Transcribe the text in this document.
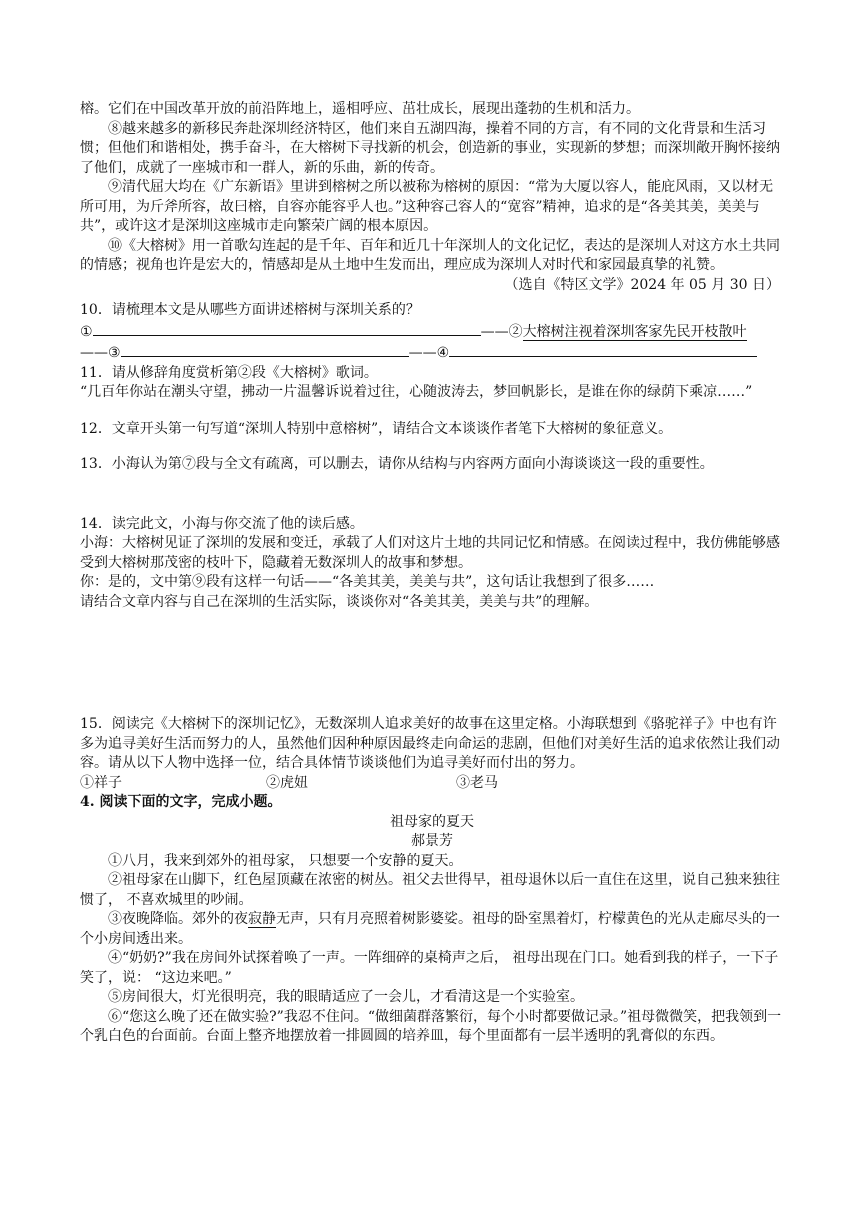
榕。它们在中国改革开放的前沿阵地上，遥相呼应、茁壮成长，展现出蓬勃的生机和活力。

⑧越来越多的新移民奔赴深圳经济特区，他们来自五湖四海，操着不同的方言，有不同的文化背景和生活习惯；但他们和谐相处，携手奋斗，在大榕树下寻找新的机会，创造新的事业，实现新的梦想；而深圳敞开胸怀接纳了他们，成就了一座城市和一群人，新的乐曲，新的传奇。

⑨清代屈大均在《广东新语》里讲到榕树之所以被称为榕树的原因：“常为大厦以容人，能庇风雨，又以材无所可用，为斤斧所容，故曰榕，自容亦能容乎人也。”这种容己容人的“宽容”精神，追求的是“各美其美，美美与共”，或许这才是深圳这座城市走向繁荣广阔的根本原因。

⑩《大榕树》用一首歌勾连起的是千年、百年和近几十年深圳人的文化记忆，表达的是深圳人对这方水土共同的情感；视角也许是宏大的，情感却是从土地中生发而出，理应成为深圳人对时代和家园最真挚的礼赞。

（选自《特区文学》2024 年 05 月 30 日）

10．请梳理本文是从哪些方面讲述榕树与深圳关系的？

①	——②大榕树注视着深圳客家先民开枝散叶

——③	——④

11．请从修辞角度赏析第②段《大榕树》歌词。

“几百年你站在潮头守望，拂动一片温馨诉说着过往，心随波涛去，梦回帆影长，是谁在你的绿荫下乘凉……”

12．文章开头第一句写道“深圳人特别中意榕树”，请结合文本谈谈作者笔下大榕树的象征意义。

13．小海认为第⑦段与全文有疏离，可以删去，请你从结构与内容两方面向小海谈谈这一段的重要性。

14．读完此文，小海与你交流了他的读后感。

小海：大榕树见证了深圳的发展和变迁，承载了人们对这片土地的共同记忆和情感。在阅读过程中，我仿佛能够感受到大榕树那茂密的枝叶下，隐藏着无数深圳人的故事和梦想。

你：是的，文中第⑨段有这样一句话——“各美其美，美美与共”，这句话让我想到了很多……

请结合文章内容与自己在深圳的生活实际，谈谈你对“各美其美，美美与共”的理解。

15．阅读完《大榕树下的深圳记忆》，无数深圳人追求美好的故事在这里定格。小海联想到《骆驼祥子》中也有许多为追寻美好生活而努力的人，虽然他们因种种原因最终走向命运的悲剧，但他们对美好生活的追求依然让我们动容。请从以下人物中选择一位，结合具体情节谈谈他们为追寻美好而付出的努力。

①祥子	②虎妞	③老马

4. 阅读下面的文字，完成小题。

祖母家的夏天

郝景芳

①八月，我来到郊外的祖母家， 只想要一个安静的夏天。

②祖母家在山脚下，红色屋顶藏在浓密的树丛。祖父去世得早，祖母退休以后一直住在这里，说自己独来独往惯了， 不喜欢城里的吵闹。

③夜晚降临。郊外的夜寂静无声，只有月亮照着树影婆娑。祖母的卧室黑着灯，柠檬黄色的光从走廊尽头的一个小房间透出来。

④“奶奶?”我在房间外试探着唤了一声。一阵细碎的桌椅声之后， 祖母出现在门口。她看到我的样子，一下子笑了，说： “这边来吧。”

⑤房间很大，灯光很明亮，我的眼睛适应了一会儿，才看清这是一个实验室。

⑥“您这么晚了还在做实验?”我忍不住问。“做细菌群落繁衍，每个小时都要做记录。”祖母微微笑，把我领到一个乳白色的台面前。台面上整齐地摆放着一排圆圆的培养皿，每个里面都有一层半透明的乳膏似的东西。
